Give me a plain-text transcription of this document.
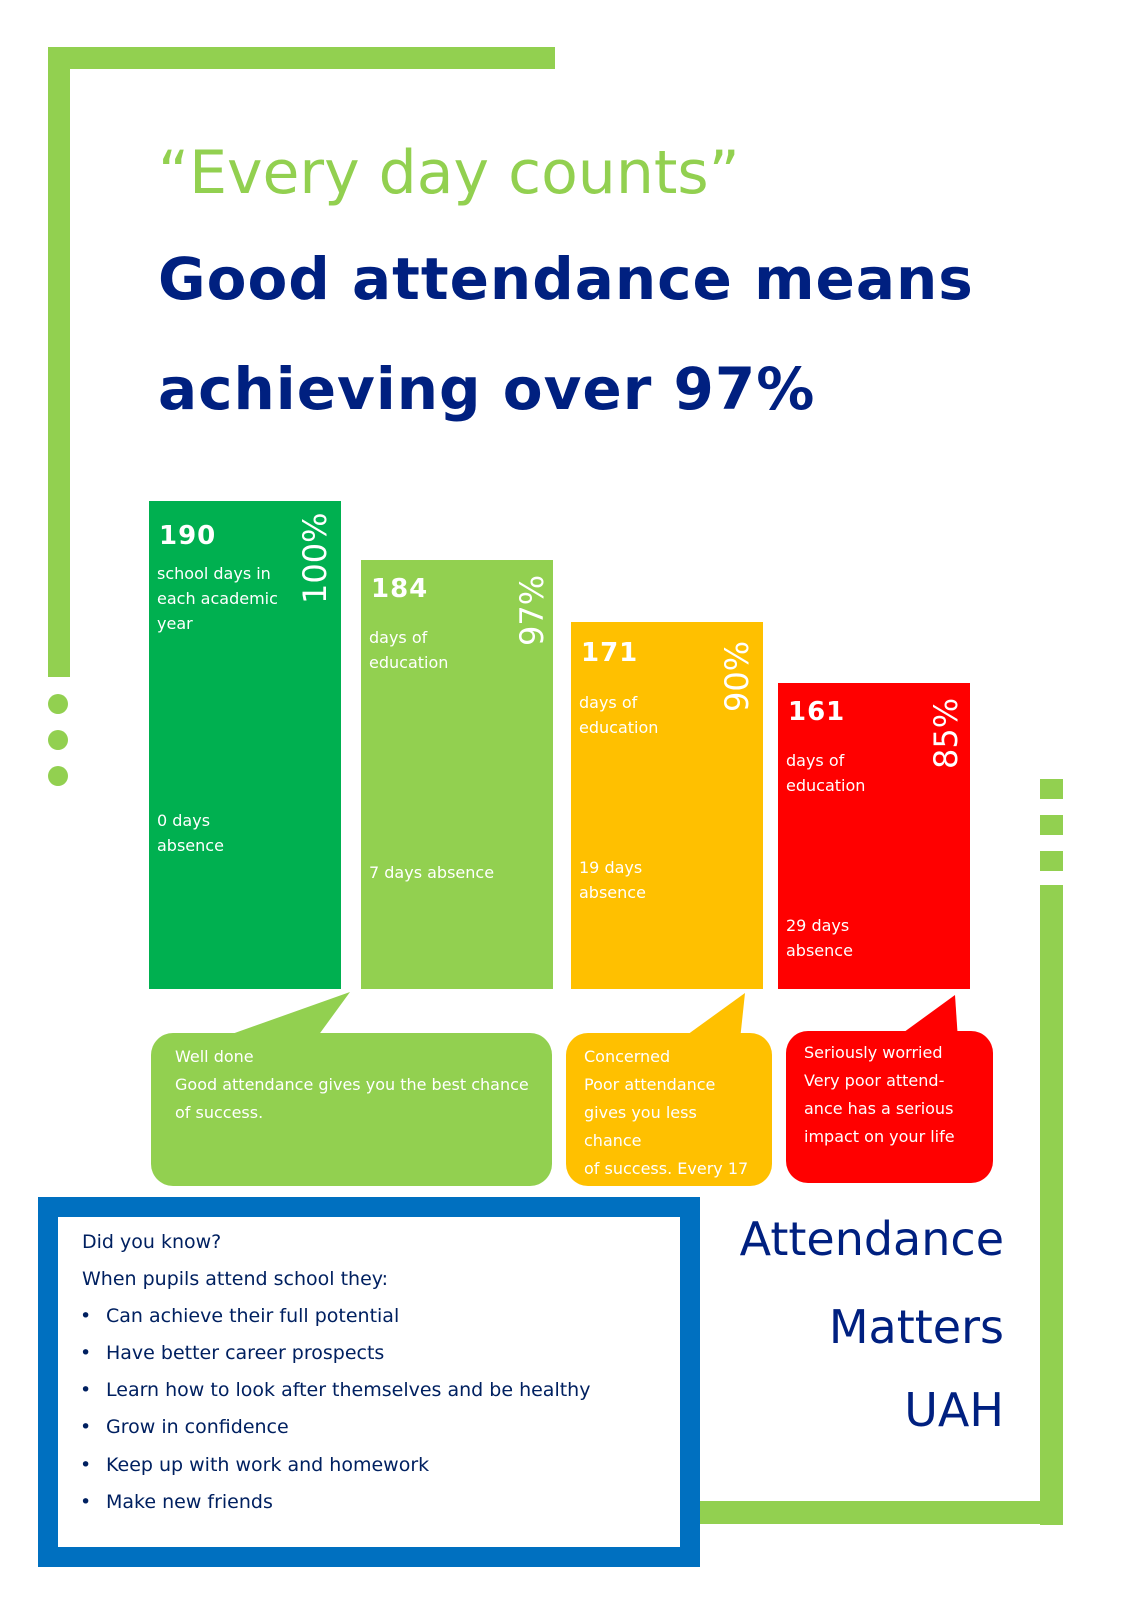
“Every day counts”
Good attendance means
achieving over 97%
190
school days in
each academic
year
0 days
absence
100% 184
days of
education
7 days absence
97%
171
days of
education
19 days
absence
90% 161
days of
education
29 days
absence
85%
Well done
Good attendance gives you the best chance
of success.
Concerned
Poor attendance
gives you less chance
of success. Every 17
Seriously worried
Very poor attend-
ance has a serious
impact on your life
Did you know?
When pupils attend school they:
• Can achieve their full potential
• Have better career prospects
• Learn how to look after themselves and be healthy
• Grow in confidence
• Keep up with work and homework
• Make new friends
Attendance
Matters
UAH
